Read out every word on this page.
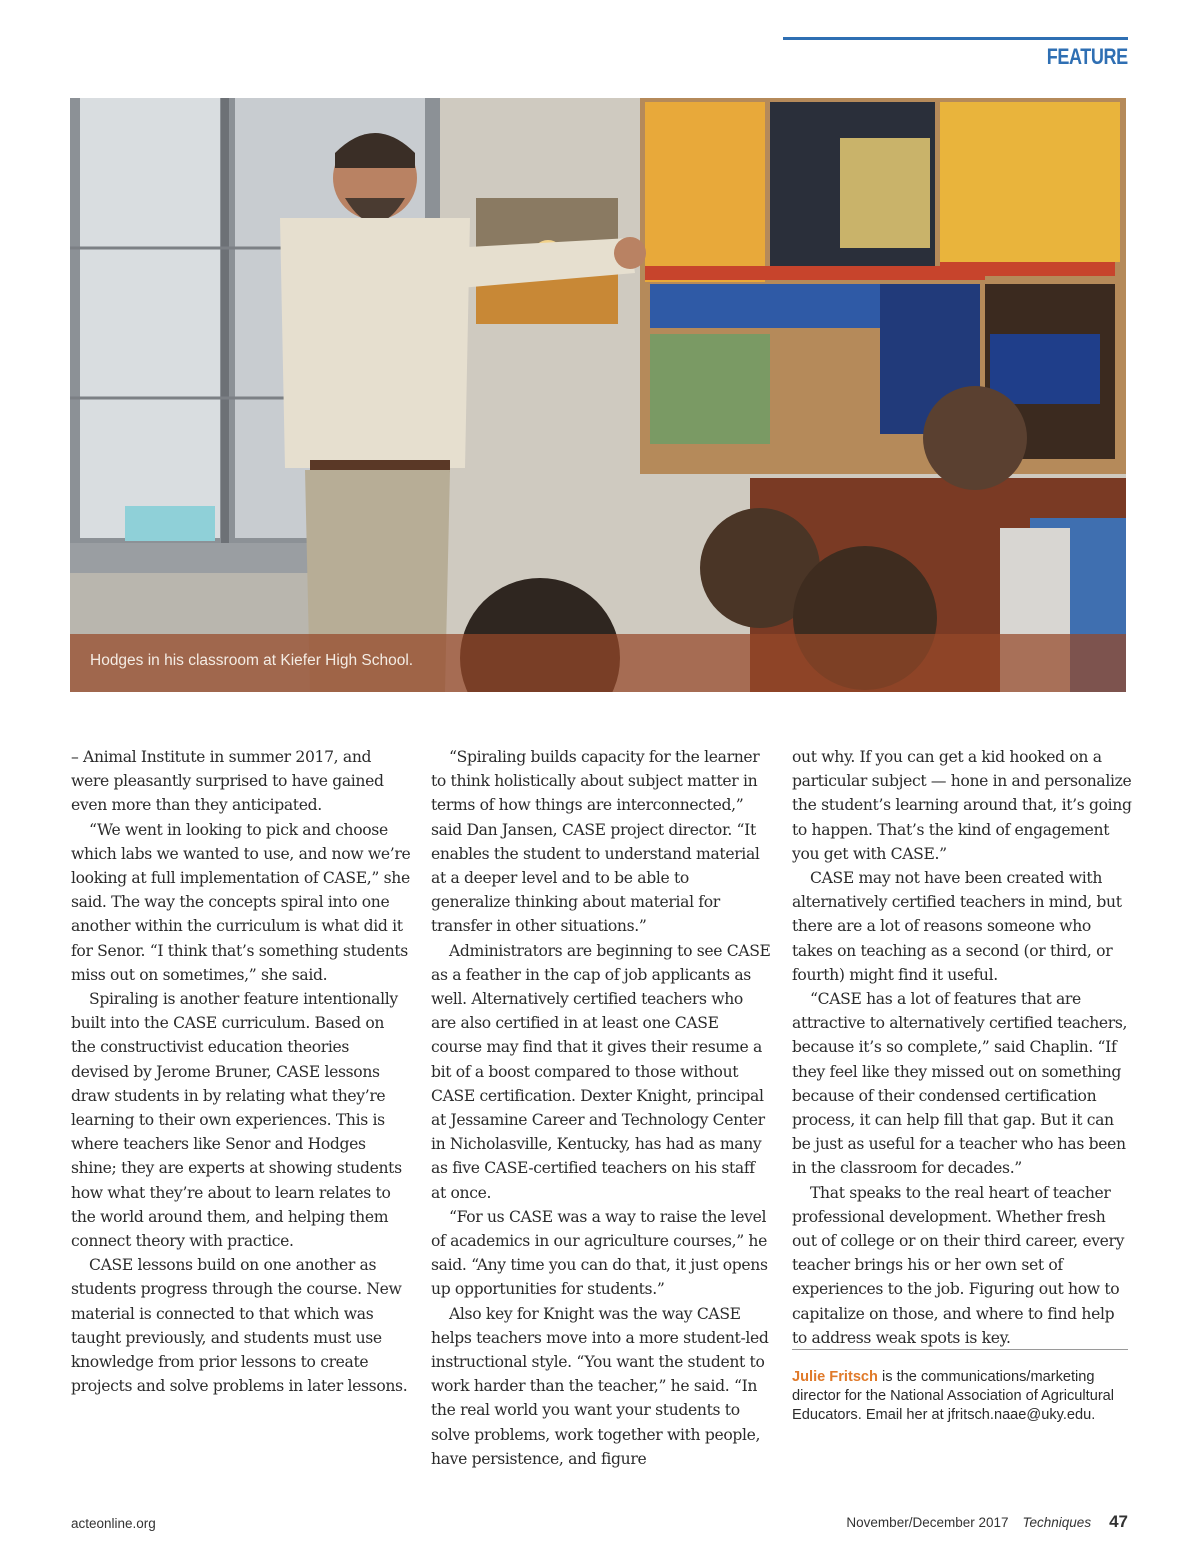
FEATURE
Hodges in his classroom at Kiefer High School.

– Animal Institute in summer 2017, and were pleasantly surprised to have gained even more than they anticipated.

“We went in looking to pick and choose which labs we wanted to use, and now we’re looking at full implementation of CASE,” she said. The way the concepts spiral into one another within the curriculum is what did it for Senor. “I think that’s something students miss out on sometimes,” she said.

Spiraling is another feature intentionally built into the CASE curriculum. Based on the constructivist education theories devised by Jerome Bruner, CASE lessons draw students in by relating what they’re learning to their own experiences. This is where teachers like Senor and Hodges shine; they are experts at showing students how what they’re about to learn relates to the world around them, and helping them connect theory with practice.

CASE lessons build on one another as students progress through the course. New material is connected to that which was taught previously, and students must use knowledge from prior lessons to create projects and solve problems in later lessons.

“Spiraling builds capacity for the learner to think holistically about subject matter in terms of how things are interconnected,” said Dan Jansen, CASE project director. “It enables the student to understand material at a deeper level and to be able to generalize thinking about material for transfer in other situations.”

Administrators are beginning to see CASE as a feather in the cap of job applicants as well. Alternatively certified teachers who are also certified in at least one CASE course may find that it gives their resume a bit of a boost compared to those without CASE certification. Dexter Knight, principal at Jessamine Career and Technology Center in Nicholasville, Kentucky, has had as many as five CASE-certified teachers on his staff at once.

“For us CASE was a way to raise the level of academics in our agriculture courses,” he said. “Any time you can do that, it just opens up opportunities for students.”

Also key for Knight was the way CASE helps teachers move into a more student-led instructional style. “You want the student to work harder than the teacher,” he said. “In the real world you want your students to solve problems, work together with people, have persistence, and figure

out why. If you can get a kid hooked on a particular subject — hone in and personalize the student’s learning around that, it’s going to happen. That’s the kind of engagement you get with CASE.”

CASE may not have been created with alternatively certified teachers in mind, but there are a lot of reasons someone who takes on teaching as a second (or third, or fourth) might find it useful.

“CASE has a lot of features that are attractive to alternatively certified teachers, because it’s so complete,” said Chaplin. “If they feel like they missed out on something because of their condensed certification process, it can help fill that gap. But it can be just as useful for a teacher who has been in the classroom for decades.”

That speaks to the real heart of teacher professional development. Whether fresh out of college or on their third career, every teacher brings his or her own set of experiences to the job. Figuring out how to capitalize on those, and where to find help to address weak spots is key.

Julie Fritsch is the communications/marketing director for the National Association of Agricultural Educators. Email her at jfritsch.naae@uky.edu.
acteonline.org	November/December 2017 Techniques 47
